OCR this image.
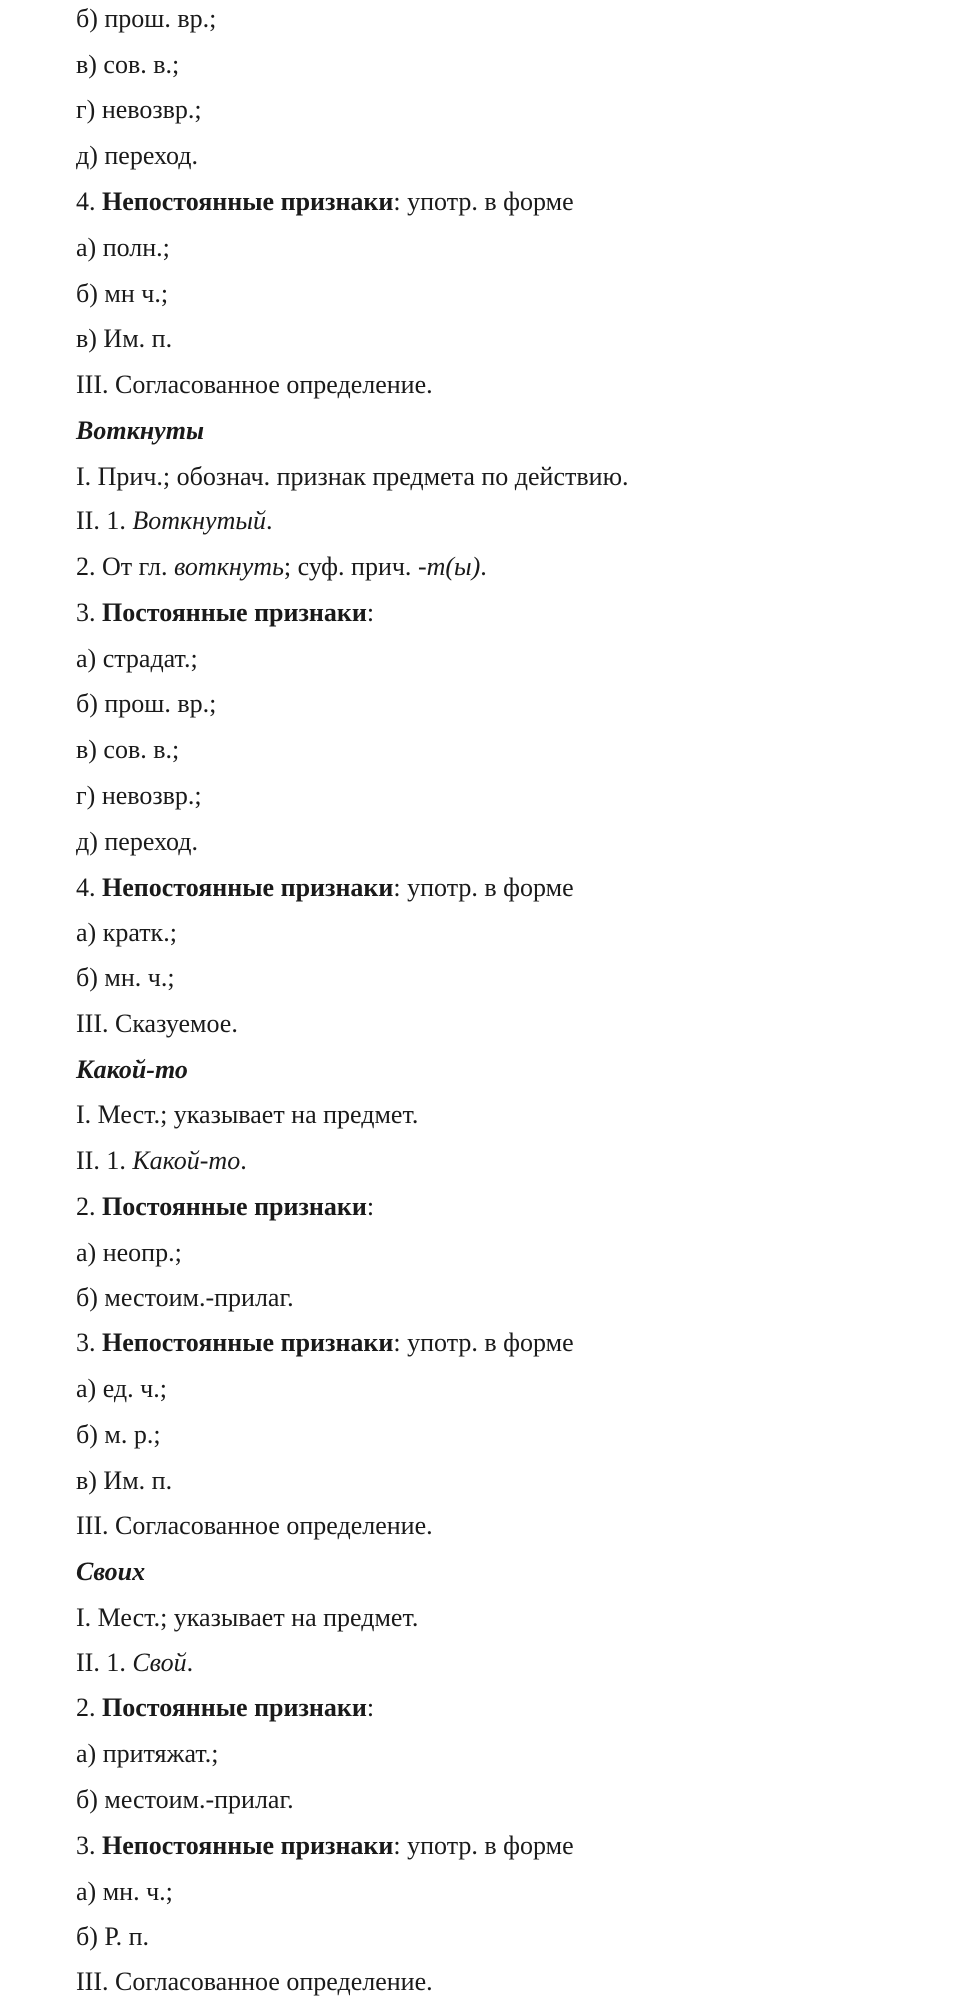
б) прош. вр.;
в) сов. в.;
г) невозвр.;
д) переход.
4. Непостоянные признаки: употр. в форме
а) полн.;
б) мн ч.;
в) Им. п.
III. Согласованное определение.
Воткнуты
I. Прич.; обознач. признак предмета по действию.
II. 1. Воткнутый.
2. От гл. воткнуть; суф. прич. -т(ы).
3. Постоянные признаки:
а) страдат.;
б) прош. вр.;
в) сов. в.;
г) невозвр.;
д) переход.
4. Непостоянные признаки: употр. в форме
а) кратк.;
б) мн. ч.;
III. Сказуемое.
Какой-то
I. Мест.; указывает на предмет.
II. 1. Какой-то.
2. Постоянные признаки:
а) неопр.;
б) местоим.-прилаг.
3. Непостоянные признаки: употр. в форме
а) ед. ч.;
б) м. р.;
в) Им. п.
III. Согласованное определение.
Своих
I. Мест.; указывает на предмет.
II. 1. Свой.
2. Постоянные признаки:
а) притяжат.;
б) местоим.-прилаг.
3. Непостоянные признаки: употр. в форме
а) мн. ч.;
б) Р. п.
III. Согласованное определение.
